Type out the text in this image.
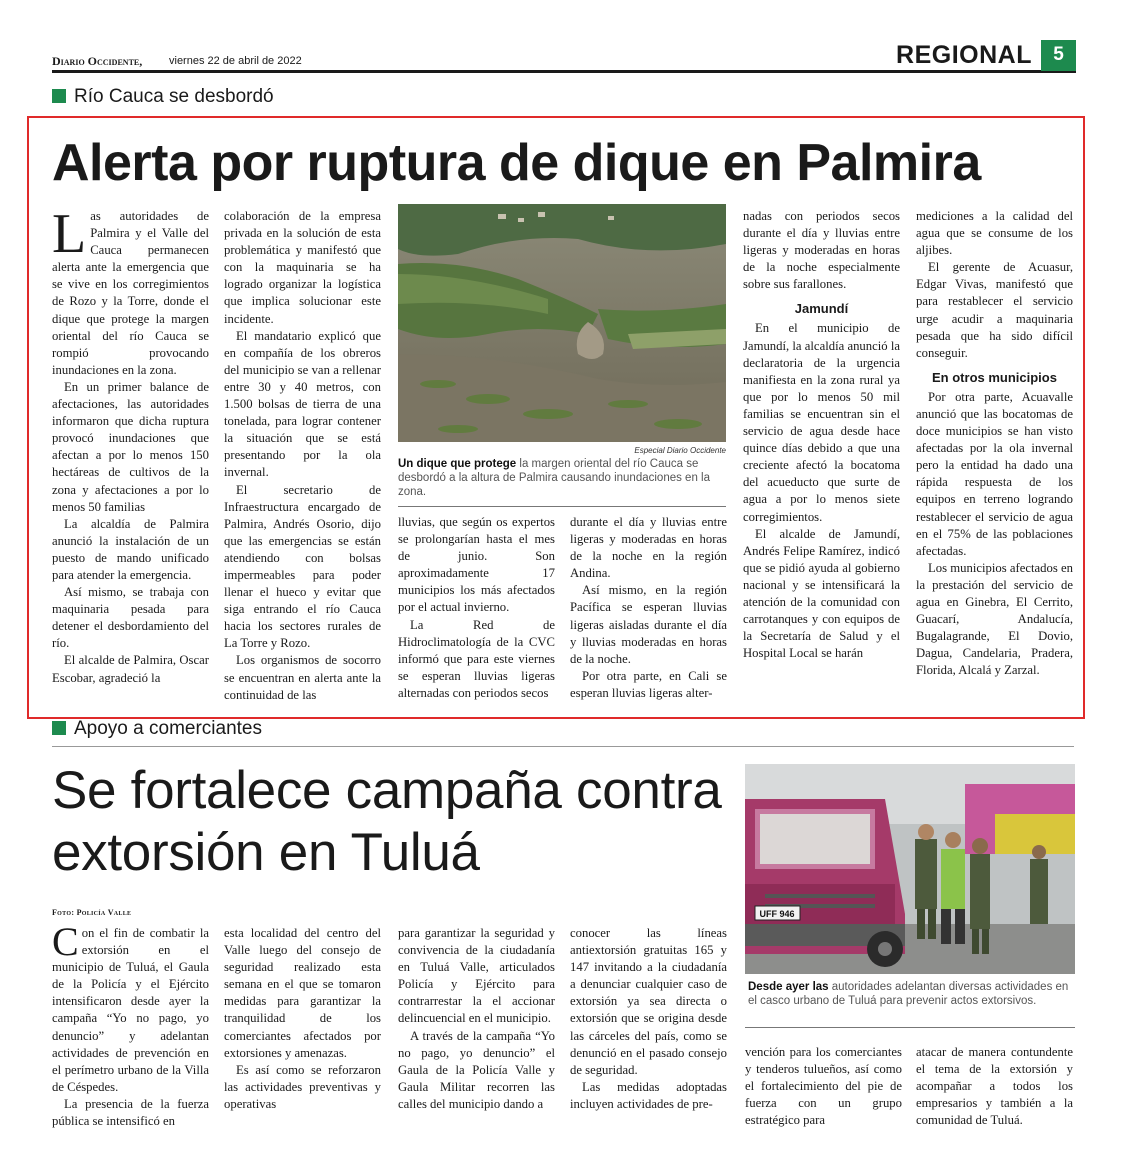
Diario Occidente, viernes 22 de abril de 2022	REGIONAL	5
Río Cauca se desbordó
Alerta por ruptura de dique en Palmira

Las autoridades de Palmira y el Valle del Cauca permanecen alerta ante la emergencia que se vive en los corregimientos de Rozo y la Torre, donde el dique que protege la margen oriental del río Cauca se rompió provocando inundaciones en la zona.

En un primer balance de afectaciones, las autoridades informaron que dicha ruptura provocó inundaciones que afectan a por lo menos 150 hectáreas de cultivos de la zona y afectaciones a por lo menos 50 familias

La alcaldía de Palmira anunció la instalación de un puesto de mando unificado para atender la emergencia.

Así mismo, se trabaja con maquinaria pesada para detener el desbordamiento del río.

El alcalde de Palmira, Oscar Escobar, agradeció la

colaboración de la empresa privada en la solución de esta problemática y manifestó que con la maquinaria se ha logrado organizar la logística que implica solucionar este incidente.

El mandatario explicó que en compañía de los obreros del municipio se van a rellenar entre 30 y 40 metros, con 1.500 bolsas de tierra de una tonelada, para lograr contener la situación que se está presentando por la ola invernal.

El secretario de Infraestructura encargado de Palmira, Andrés Osorio, dijo que las emergencias se están atendiendo con bolsas impermeables para poder llenar el hueco y evitar que siga entrando el río Cauca hacia los sectores rurales de La Torre y Rozo.

Los organismos de socorro se encuentran en alerta ante la continuidad de las

Especial Diario Occidente
Un dique que protege la margen oriental del río Cauca se desbordó a la altura de Palmira causando inundaciones en la zona.

lluvias, que según os expertos se prolongarían hasta el mes de junio. Son aproximadamente 17 municipios los más afectados por el actual invierno.

La Red de Hidroclimatología de la CVC informó que para este viernes se esperan lluvias ligeras alternadas con periodos secos

durante el día y lluvias entre ligeras y moderadas en horas de la noche en la región Andina.

Así mismo, en la región Pacífica se esperan lluvias ligeras aisladas durante el día y lluvias moderadas en horas de la noche.

Por otra parte, en Cali se esperan lluvias ligeras alter-

nadas con periodos secos durante el día y lluvias entre ligeras y moderadas en horas de la noche especialmente sobre sus farallones.

Jamundí

En el municipio de Jamundí, la alcaldía anunció la declaratoria de la urgencia manifiesta en la zona rural ya que por lo menos 50 mil familias se encuentran sin el servicio de agua desde hace quince días debido a que una creciente afectó la bocatoma del acueducto que surte de agua a por lo menos siete corregimientos.

El alcalde de Jamundí, Andrés Felipe Ramírez, indicó que se pidió ayuda al gobierno nacional y se intensificará la atención de la comunidad con carrotanques y con equipos de la Secretaría de Salud y el Hospital Local se harán

mediciones a la calidad del agua que se consume de los aljibes.

El gerente de Acuasur, Edgar Vivas, manifestó que para restablecer el servicio urge acudir a maquinaria pesada que ha sido difícil conseguir.

En otros municipios

Por otra parte, Acuavalle anunció que las bocatomas de doce municipios se han visto afectadas por la ola invernal pero la entidad ha dado una rápida respuesta de los equipos en terreno logrando restablecer el servicio de agua en el 75% de las poblaciones afectadas.

Los municipios afectados en la prestación del servicio de agua en Ginebra, El Cerrito, Guacarí, Andalucía, Bugalagrande, El Dovio, Dagua, Candelaria, Pradera, Florida, Alcalá y Zarzal.

Apoyo a comerciantes
Se fortalece campaña contra extorsión en Tuluá
Foto: Policía Valle	UFF 946
Desde ayer las autoridades adelantan diversas actividades en el casco urbano de Tuluá para prevenir actos extorsivos.

Con el fin de combatir la extorsión en el municipio de Tuluá, el Gaula de la Policía y el Ejército intensificaron desde ayer la campaña “Yo no pago, yo denuncio” y adelantan actividades de prevención en el perímetro urbano de la Villa de Céspedes.

La presencia de la fuerza pública se intensificó en

esta localidad del centro del Valle luego del consejo de seguridad realizado esta semana en el que se tomaron medidas para garantizar la tranquilidad de los comerciantes afectados por extorsiones y amenazas.

Es así como se reforzaron las actividades preventivas y operativas

para garantizar la seguridad y convivencia de la ciudadanía en Tuluá Valle, articulados Policía y Ejército para contrarrestar la el accionar delincuencial en el municipio.

A través de la campaña “Yo no pago, yo denuncio” el Gaula de la Policía Valle y Gaula Militar recorren las calles del municipio dando a

conocer las líneas antiextorsión gratuitas 165 y 147 invitando a la ciudadanía a denunciar cualquier caso de extorsión ya sea directa o extorsión que se origina desde las cárceles del país, como se denunció en el pasado consejo de seguridad.

Las medidas adoptadas incluyen actividades de pre-

vención para los comerciantes y tenderos tulueños, así como el fortalecimiento del pie de fuerza con un grupo estratégico para

atacar de manera contundente el tema de la extorsión y acompañar a todos los empresarios y también a la comunidad de Tuluá.
